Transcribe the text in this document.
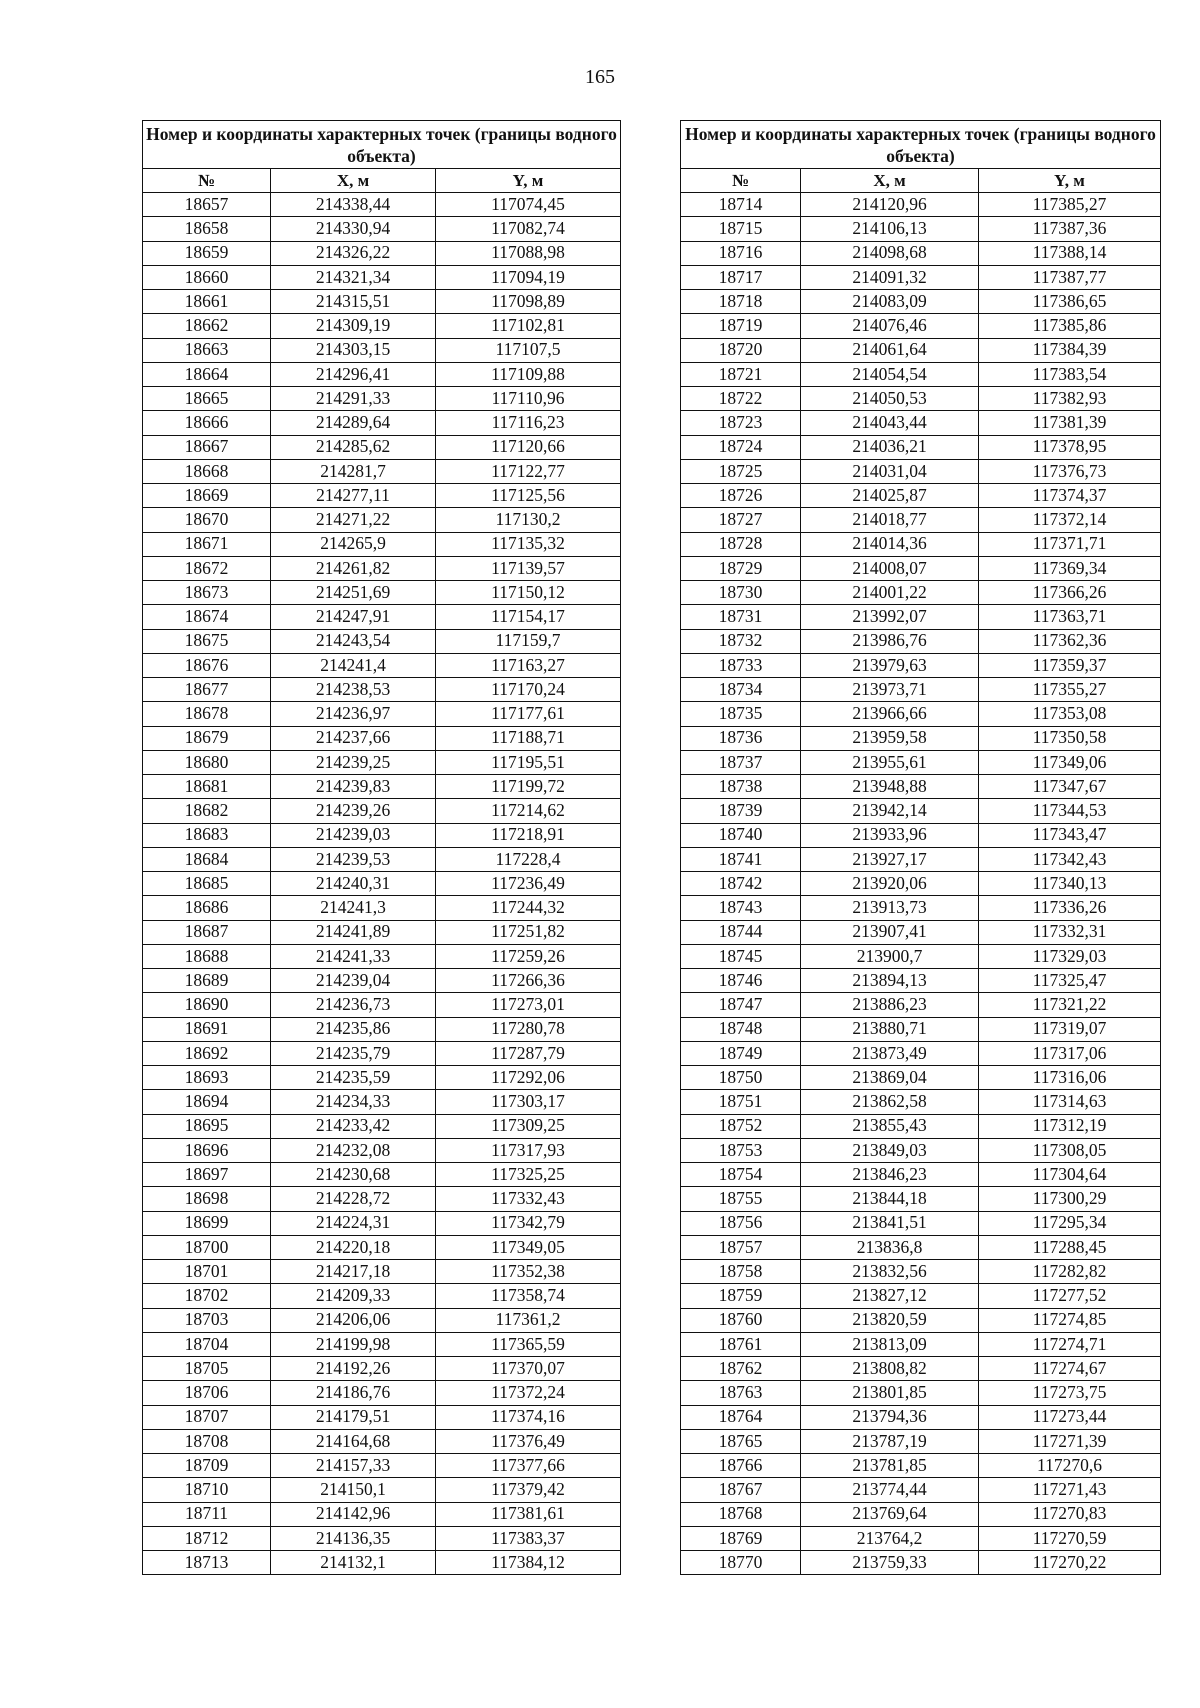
165
Номер и координаты характерных точек (границы водного объекта)		
№	X, м	Y, м
18657	214338,44	117074,45
18658	214330,94	117082,74
18659	214326,22	117088,98
18660	214321,34	117094,19
18661	214315,51	117098,89
18662	214309,19	117102,81
18663	214303,15	117107,5
18664	214296,41	117109,88
18665	214291,33	117110,96
18666	214289,64	117116,23
18667	214285,62	117120,66
18668	214281,7	117122,77
18669	214277,11	117125,56
18670	214271,22	117130,2
18671	214265,9	117135,32
18672	214261,82	117139,57
18673	214251,69	117150,12
18674	214247,91	117154,17
18675	214243,54	117159,7
18676	214241,4	117163,27
18677	214238,53	117170,24
18678	214236,97	117177,61
18679	214237,66	117188,71
18680	214239,25	117195,51
18681	214239,83	117199,72
18682	214239,26	117214,62
18683	214239,03	117218,91
18684	214239,53	117228,4
18685	214240,31	117236,49
18686	214241,3	117244,32
18687	214241,89	117251,82
18688	214241,33	117259,26
18689	214239,04	117266,36
18690	214236,73	117273,01
18691	214235,86	117280,78
18692	214235,79	117287,79
18693	214235,59	117292,06
18694	214234,33	117303,17
18695	214233,42	117309,25
18696	214232,08	117317,93
18697	214230,68	117325,25
18698	214228,72	117332,43
18699	214224,31	117342,79
18700	214220,18	117349,05
18701	214217,18	117352,38
18702	214209,33	117358,74
18703	214206,06	117361,2
18704	214199,98	117365,59
18705	214192,26	117370,07
18706	214186,76	117372,24
18707	214179,51	117374,16
18708	214164,68	117376,49
18709	214157,33	117377,66
18710	214150,1	117379,42
18711	214142,96	117381,61
18712	214136,35	117383,37
18713	214132,1	117384,12
Номер и координаты характерных точек (границы водного объекта)		
№	X, м	Y, м
18714	214120,96	117385,27
18715	214106,13	117387,36
18716	214098,68	117388,14
18717	214091,32	117387,77
18718	214083,09	117386,65
18719	214076,46	117385,86
18720	214061,64	117384,39
18721	214054,54	117383,54
18722	214050,53	117382,93
18723	214043,44	117381,39
18724	214036,21	117378,95
18725	214031,04	117376,73
18726	214025,87	117374,37
18727	214018,77	117372,14
18728	214014,36	117371,71
18729	214008,07	117369,34
18730	214001,22	117366,26
18731	213992,07	117363,71
18732	213986,76	117362,36
18733	213979,63	117359,37
18734	213973,71	117355,27
18735	213966,66	117353,08
18736	213959,58	117350,58
18737	213955,61	117349,06
18738	213948,88	117347,67
18739	213942,14	117344,53
18740	213933,96	117343,47
18741	213927,17	117342,43
18742	213920,06	117340,13
18743	213913,73	117336,26
18744	213907,41	117332,31
18745	213900,7	117329,03
18746	213894,13	117325,47
18747	213886,23	117321,22
18748	213880,71	117319,07
18749	213873,49	117317,06
18750	213869,04	117316,06
18751	213862,58	117314,63
18752	213855,43	117312,19
18753	213849,03	117308,05
18754	213846,23	117304,64
18755	213844,18	117300,29
18756	213841,51	117295,34
18757	213836,8	117288,45
18758	213832,56	117282,82
18759	213827,12	117277,52
18760	213820,59	117274,85
18761	213813,09	117274,71
18762	213808,82	117274,67
18763	213801,85	117273,75
18764	213794,36	117273,44
18765	213787,19	117271,39
18766	213781,85	117270,6
18767	213774,44	117271,43
18768	213769,64	117270,83
18769	213764,2	117270,59
18770	213759,33	117270,22
